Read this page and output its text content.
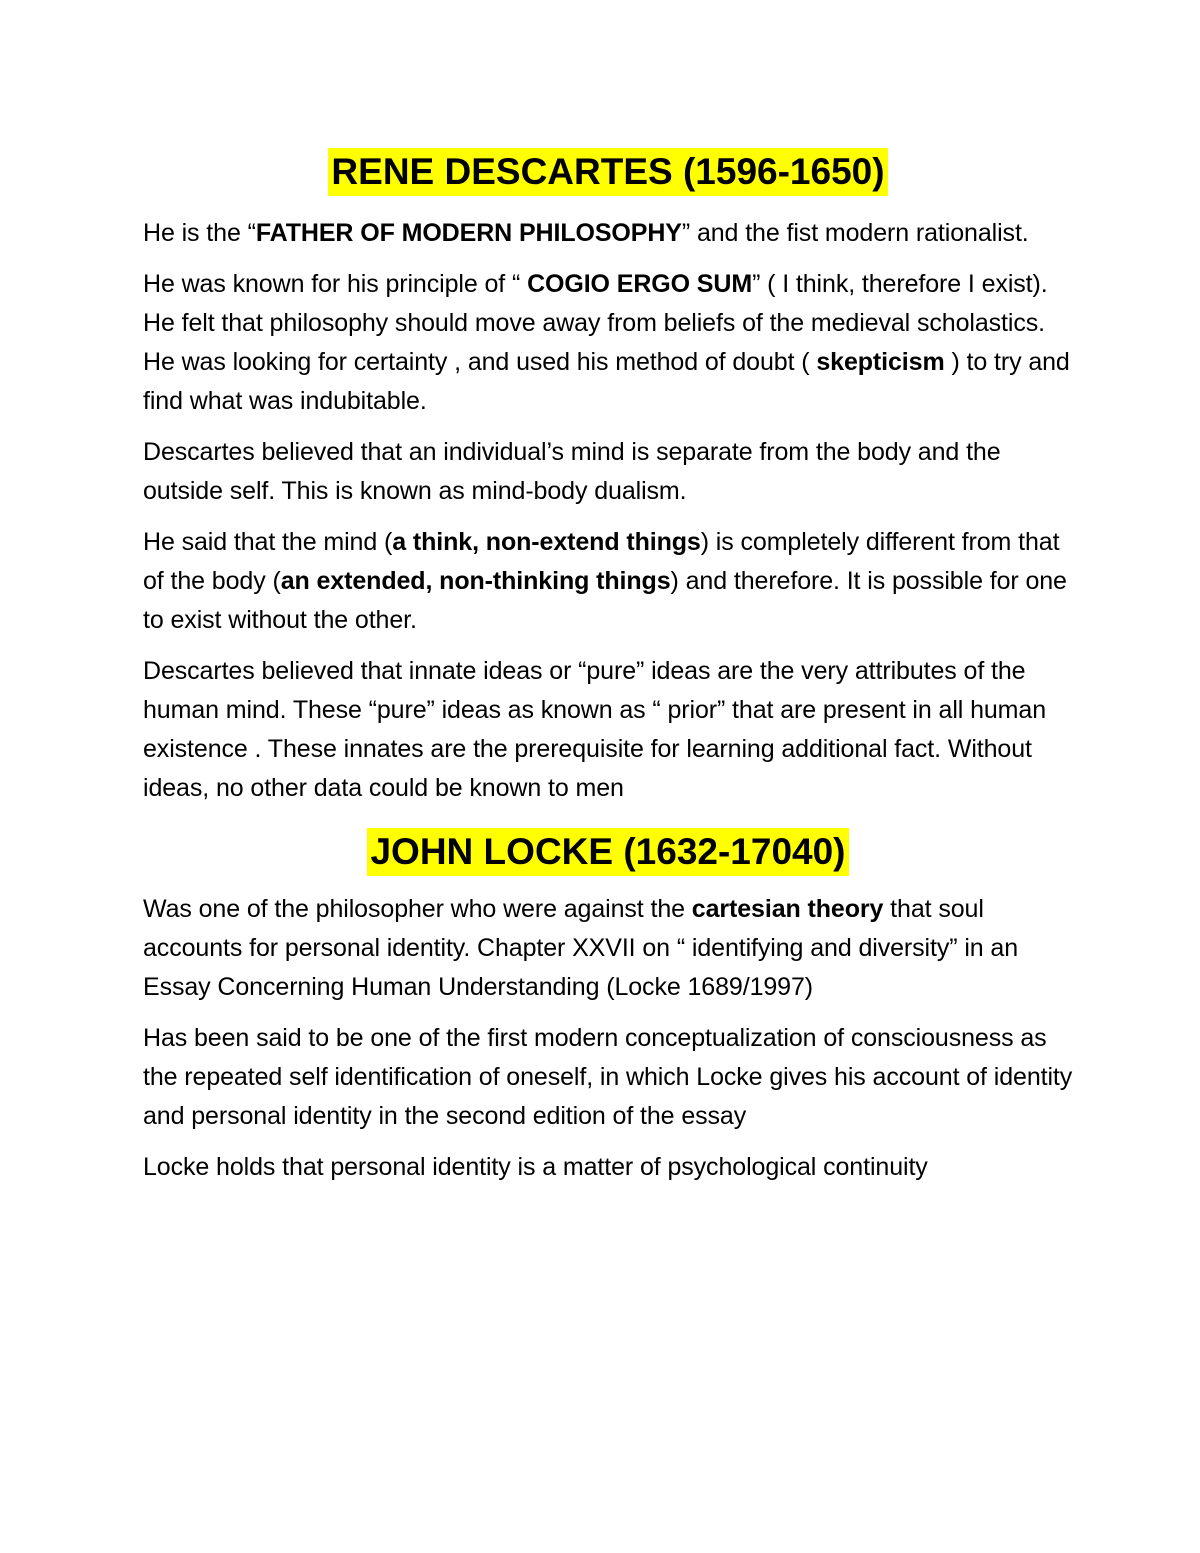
RENE DESCARTES (1596-1650)

He is the “FATHER OF MODERN PHILOSOPHY” and the fist modern rationalist.

He was known for his principle of “ COGIO ERGO SUM” ( I think, therefore I exist). He felt that philosophy should move away from beliefs of the medieval scholastics. He was looking for certainty , and used his method of doubt ( skepticism ) to try and find what was indubitable.

Descartes believed that an individual’s mind is separate from the body and the outside self. This is known as mind-body dualism.

He said that the mind (a think, non-extend things) is completely different from that of the body (an extended, non-thinking things) and therefore. It is possible for one to exist without the other.

Descartes believed that innate ideas or “pure” ideas are the very attributes of the human mind. These “pure” ideas as known as “ prior” that are present in all human existence . These innates are the prerequisite for learning additional fact. Without ideas, no other data could be known to men

JOHN LOCKE (1632-17040)

Was one of the philosopher who were against the cartesian theory that soul accounts for personal identity. Chapter XXVII on “ identifying and diversity” in an Essay Concerning Human Understanding (Locke 1689/1997)

Has been said to be one of the first modern conceptualization of consciousness as the repeated self identification of oneself, in which Locke gives his account of identity and personal identity in the second edition of the essay

Locke holds that personal identity is a matter of psychological continuity
